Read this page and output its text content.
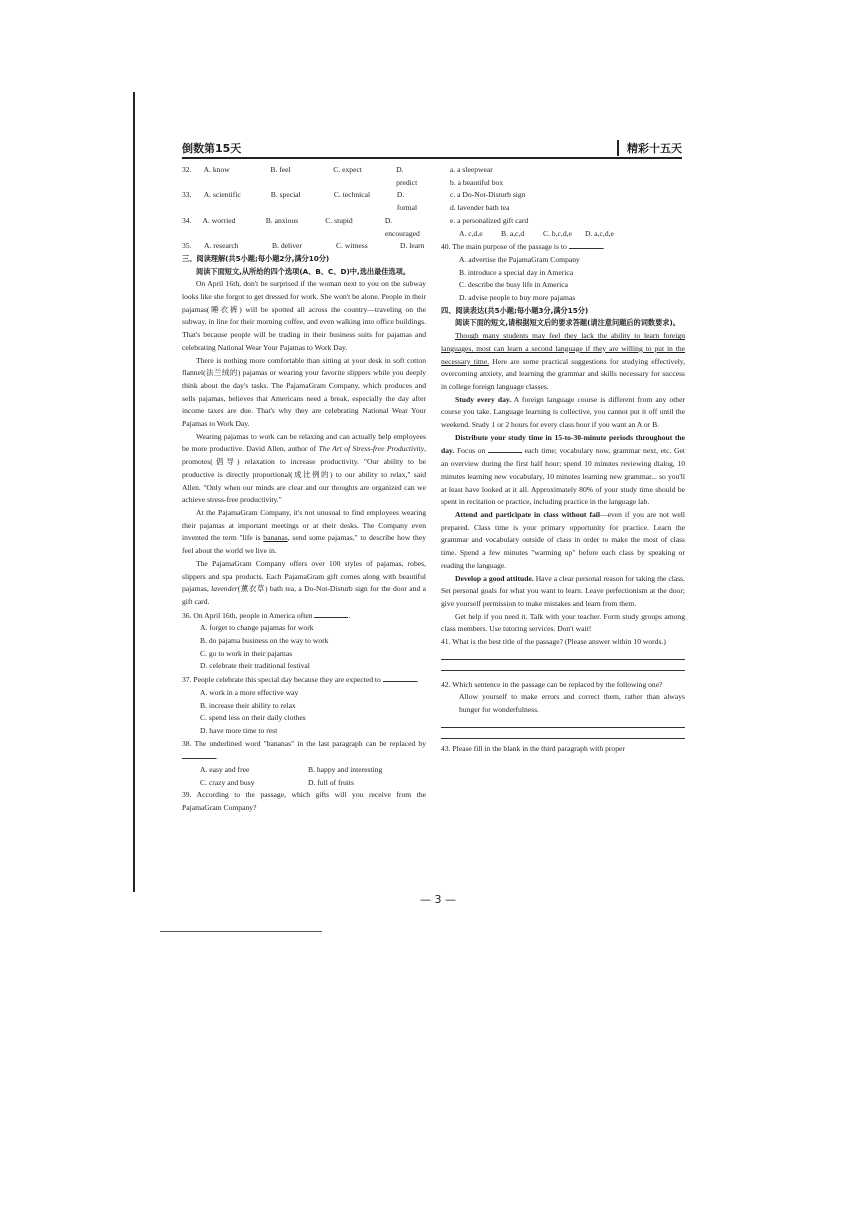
倒数第15天	精彩十五天
32.	A. know	B. feel	C. expect	D. predict
33.	A. scientific	B. special	C. technical	D. formal
34.	A. worried	B. anxious	C. stupid	D. encouraged
35.	A. research	B. deliver	C. witness	D. learn
三、阅读理解(共5小题;每小题2分,满分10分)
阅读下面短文,从所给的四个选项(A、B、C、D)中,选出最佳选项。
On April 16th, don't be surprised if the woman next to you on the subway looks like she forgot to get dressed for work. She won't be alone. People in their pajamas(睡衣裤) will be spotted all across the country—traveling on the subway, in line for their morning coffee, and even walking into office buildings. That's because people will be trading in their business suits for pajamas and celebrating National Wear Your Pajamas to Work Day.
There is nothing more comfortable than sitting at your desk in soft cotton flannel(法兰绒的) pajamas or wearing your favorite slippers while you deeply think about the day's tasks. The PajamaGram Company, which produces and sells pajamas, believes that Americans need a break, especially the day after income taxes are due. That's why they are celebrating National Wear Your Pajamas to Work Day.
Wearing pajamas to work can be relaxing and can actually help employees be more productive. David Allen, author of The Art of Stress-free Productivity, promotes(倡导) relaxation to increase productivity. "Our ability to be productive is directly proportional(成比例的) to our ability to relax," said Allen. "Only when our minds are clear and our thoughts are organized can we achieve stress-free productivity."
At the PajamaGram Company, it's not unusual to find employees wearing their pajamas at important meetings or at their desks. The Company even invented the term "life is bananas, send some pajamas," to describe how they feel about the world we live in.
The PajamaGram Company offers over 100 styles of pajamas, robes, slippers and spa products. Each PajamaGram gift comes along with beautiful pajamas, lavender(薰衣草) bath tea, a Do-Not-Disturb sign for the door and a gift card.
36. On April 16th, people in America often	.
A. forget to change pajamas for work
B. do pajama business on the way to work
C. go to work in their pajamas
D. celebrate their traditional festival
37. People celebrate this special day because they are expected to	.
A. work in a more effective way
B. increase their ability to relax
C. spend less on their daily clothes
D. have more time to rest
38. The underlined word "bananas" in the last paragraph can be replaced by .
A. easy and free	B. happy and interesting
C. crazy and busy	D. full of fruits
39. According to the passage, which gifts will you receive from the PajamaGram Company?
a. a sleepwear
b. a beautiful box
c. a Do-Not-Disturb sign
d. lavender bath tea
e. a personalized gift card
A. c,d,e	B. a,c,d	C. b,c,d,e	D. a,c,d,e
40. The main purpose of the passage is to	.
A. advertise the PajamaGram Company
B. introduce a special day in America
C. describe the busy life in America
D. advise people to buy more pajamas
四、阅读表达(共5小题;每小题3分,满分15分)
阅读下面的短文,请根据短文后的要求答题(请注意问题后的词数要求)。
Though many students may feel they lack the ability to learn foreign languages, most can learn a second language if they are willing to put in the necessary time. Here are some practical suggestions for studying effectively, overcoming anxiety, and learning the grammar and skills necessary for success in college foreign language classes.
Study every day. A foreign language course is different from any other course you take. Language learning is collective, you cannot put it off until the weekend. Study 1 or 2 hours for every class hour if you want an A or B.
Distribute your study time in 15-to-30-minute periods throughout the day. Focus on	each time; vocabulary now, grammar next, etc. Get an overview during the first half hour; spend 10 minutes reviewing dialog, 10 minutes learning new vocabulary, 10 minutes learning new grammar... so you'll at least have looked at it all. Approximately 80% of your study time should be spent in recitation or practice, including practice in the language lab.
Attend and participate in class without fail—even if you are not well prepared. Class time is your primary opportunity for practice. Learn the grammar and vocabulary outside of class in order to make the most of class time. Spend a few minutes "warming up" before each class by speaking or reading the language.
Develop a good attitude. Have a clear personal reason for taking the class. Set personal goals for what you want to learn. Leave perfectionism at the door; give yourself permission to make mistakes and learn from them.
Get help if you need it. Talk with your teacher. Form study groups among class members. Use tutoring services. Don't wait!
41. What is the best title of the passage? (Please answer within 10 words.)
42. Which sentence in the passage can be replaced by the following one?
Allow yourself to make errors and correct them, rather than always hunger for wonderfulness.
43. Please fill in the blank in the third paragraph with proper
— 3 —
